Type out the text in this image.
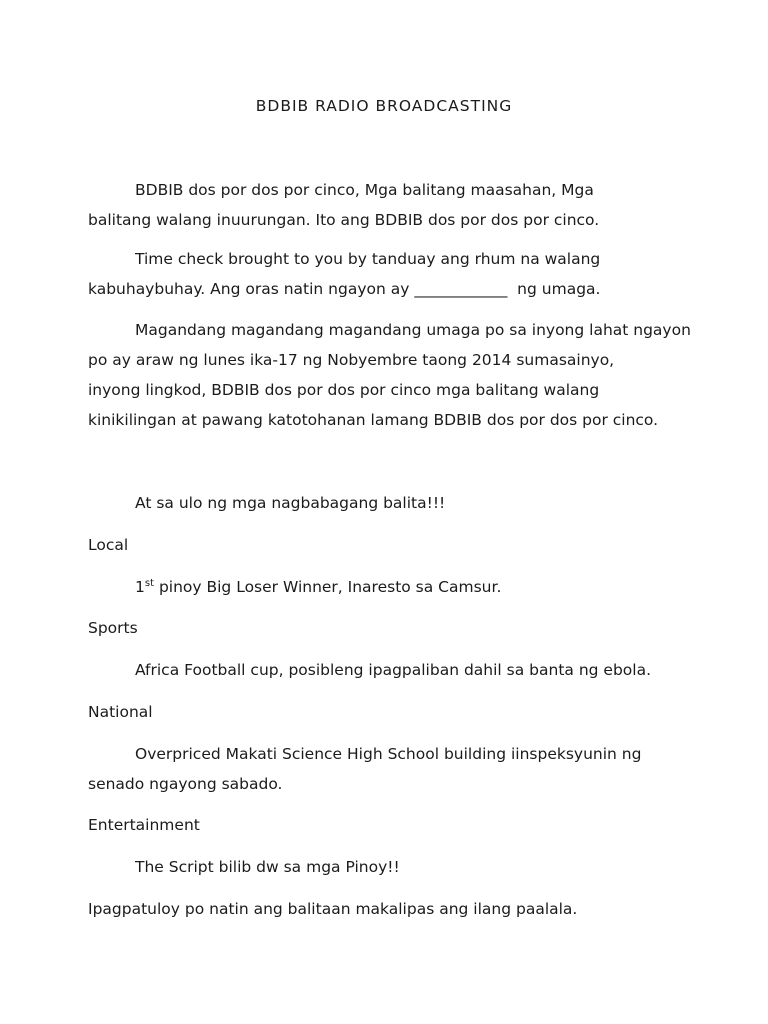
BDBIB RADIO BROADCASTING
BDBIB dos por dos por cinco, Mga balitang maasahan, Mga
balitang walang inuurungan. Ito ang BDBIB dos por dos por cinco.
Time check brought to you by tanduay ang rhum na walang
kabuhaybuhay. Ang oras natin ngayon ay ____________  ng umaga.
Magandang magandang magandang umaga po sa inyong lahat ngayon
po ay araw ng lunes ika-17 ng Nobyembre taong 2014 sumasainyo,
inyong lingkod, BDBIB dos por dos por cinco mga balitang walang
kinikilingan at pawang katotohanan lamang BDBIB dos por dos por cinco.
At sa ulo ng mga nagbabagang balita!!!
Local
1st pinoy Big Loser Winner, Inaresto sa Camsur.
Sports
Africa Football cup, posibleng ipagpaliban dahil sa banta ng ebola.
National
Overpriced Makati Science High School building iinspeksyunin ng
senado ngayong sabado.
Entertainment
The Script bilib dw sa mga Pinoy!!
Ipagpatuloy po natin ang balitaan makalipas ang ilang paalala.
